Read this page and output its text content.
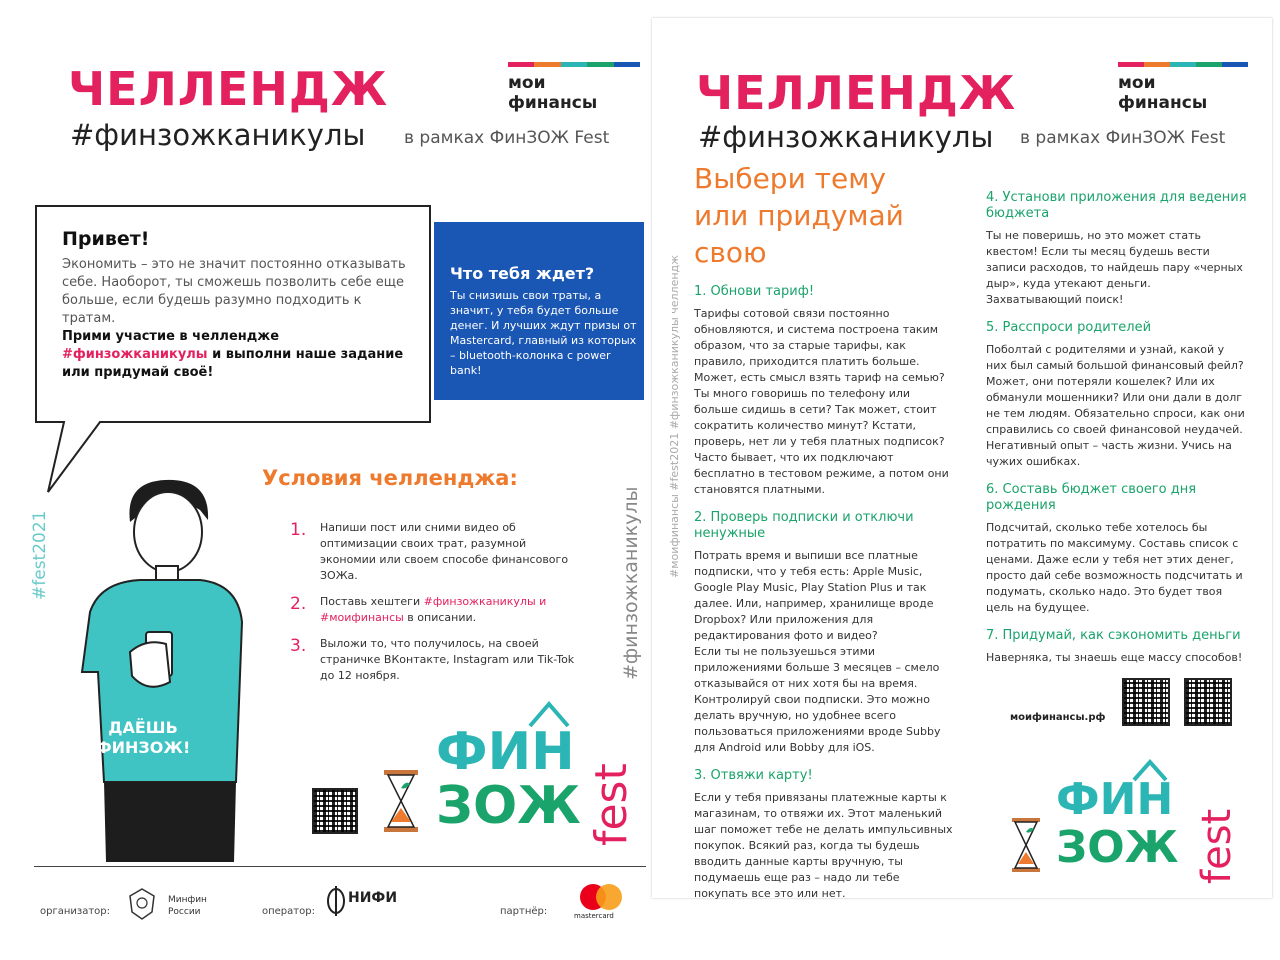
ЧЕЛЛЕНДЖ
#финзожканикулы в рамках ФинЗОЖ Fest
мои финансы
Привет!
Экономить – это не значит постоянно отказывать себе. Наоборот, ты сможешь позволить себе еще больше, если будешь разумно подходить к тратам.
Прими участие в челлендже #финзожканикулы и выполни наше задание или придумай своё!
Что тебя ждет?
Ты снизишь свои траты, а значит, у тебя будет больше денег. И лучших ждут призы от Mastercard, главный из которых – bluetooth-колонка с power bank!
#fest2021	#финзожканикулы
ДАЁШЬ
ФИНЗОЖ!
Условия челленджа:
1.	Напиши пост или сними видео об оптимизации своих трат, разумной экономии или своем способе финансового ЗОЖа.
2.	Поставь хештеги #финзожканикулы и #моифинансы в описании.
3.	Выложи то, что получилось, на своей страничке ВКонтакте, Instagram или Tik-Tok до 12 ноября.
ФИН
ЗОЖ fest
организатор:
Минфин
России	оператор:
НИФИ
партнёр:	mastercard
ЧЕЛЛЕНДЖ
#финзожканикулы в рамках ФинЗОЖ Fest
мои финансы
Выбери тему
или придумай
свою
#моифинансы #fest2021 #финзожканикулы челлендж 1. Обнови тариф!
Тарифы сотовой связи постоянно обновляются, и система построена таким образом, что за старые тарифы, как правило, приходится платить больше. Может, есть смысл взять тариф на семью? Ты много говоришь по телефону или больше сидишь в сети? Так может, стоит сократить количество минут? Кстати, проверь, нет ли у тебя платных подписок?
Часто бывает, что их подключают бесплатно в тестовом режиме, а потом они становятся платными.
2. Проверь подписки и отключи ненужные
Потрать время и выпиши все платные подписки, что у тебя есть: Apple Music, Google Play Music, Play Station Plus и так далее. Или, например, хранилище вроде Dropbox? Или приложения для редактирования фото и видео?
Если ты не пользуешься этими приложениями больше 3 месяцев – смело отказывайся от них хотя бы на время.
Контролируй свои подписки. Это можно делать вручную, но удобнее всего пользоваться приложениями вроде Subby для Android или Bobby для iOS.
3. Отвяжи карту!
Если у тебя привязаны платежные карты к магазинам, то отвяжи их. Этот маленький шаг поможет тебе не делать импульсивных покупок. Всякий раз, когда ты будешь вводить данные карты вручную, ты подумаешь еще раз – надо ли тебе покупать все это или нет.
4. Установи приложения для ведения бюджета
Ты не поверишь, но это может стать квестом! Если ты месяц будешь вести записи расходов, то найдешь пару «черных дыр», куда утекают деньги. Захватывающий поиск!
5. Расспроси родителей
Поболтай с родителями и узнай, какой у них был самый большой финансовый фейл? Может, они потеряли кошелек? Или их обманули мошенники? Или они дали в долг не тем людям. Обязательно спроси, как они справились со своей финансовой неудачей.
Негативный опыт – часть жизни. Учись на чужих ошибках.
6. Составь бюджет своего дня рождения
Подсчитай, сколько тебе хотелось бы потратить по максимуму. Составь список с ценами. Даже если у тебя нет этих денег, просто дай себе возможность подсчитать и подумать, сколько надо. Это будет твоя цель на будущее.
7. Придумай, как сэкономить деньги
Наверняка, ты знаешь еще массу способов!
моифинансы.рф
ФИН
ЗОЖ fest
